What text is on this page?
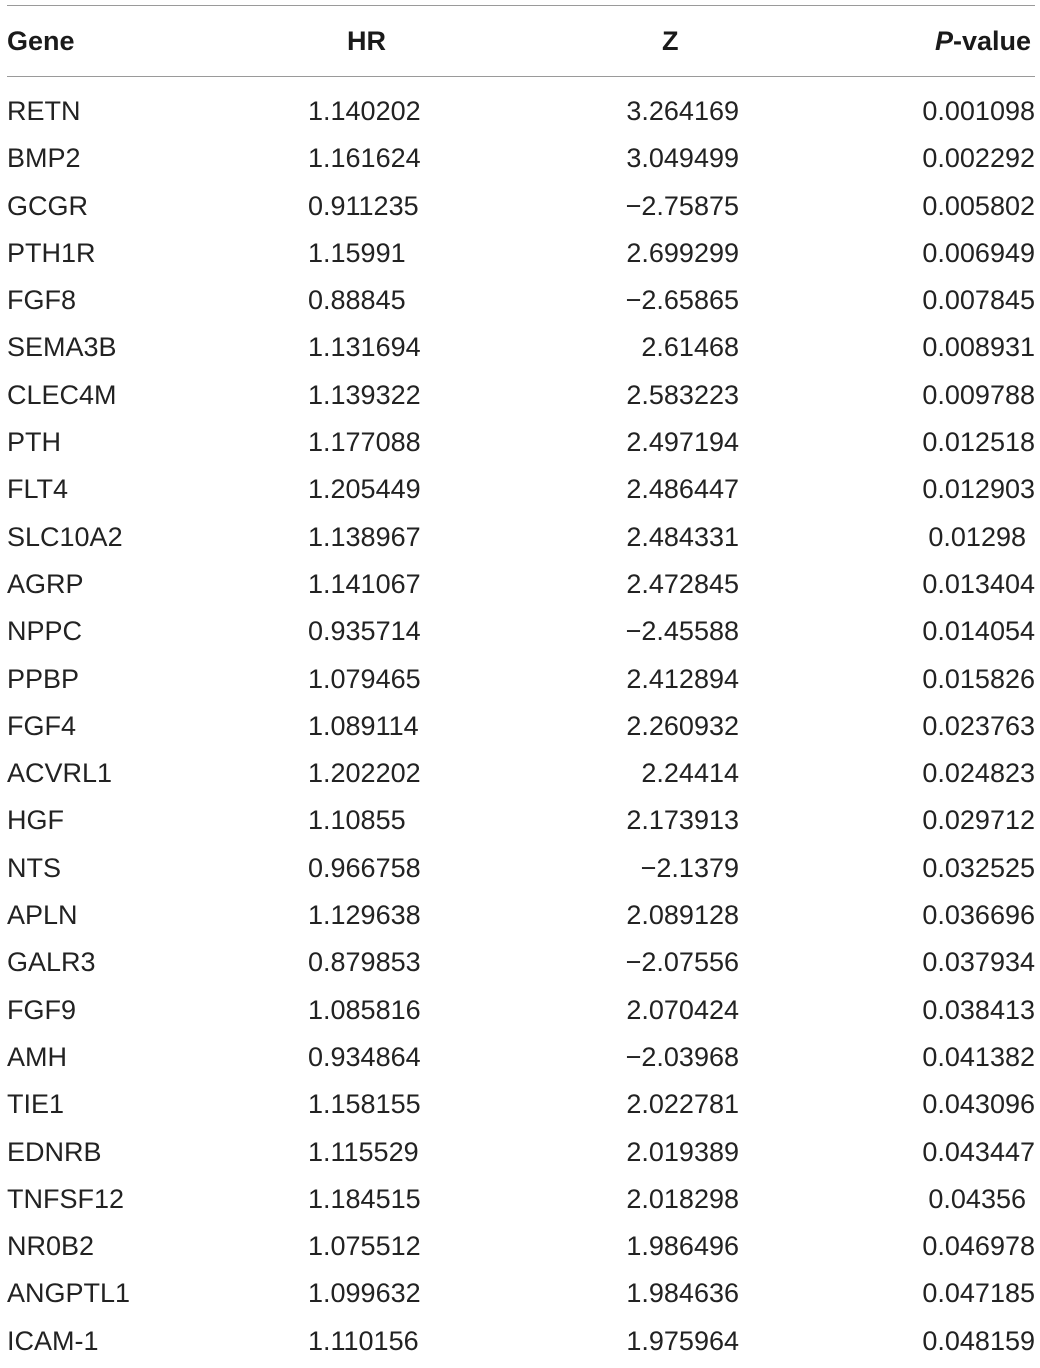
Gene	HR	Z	P-value
RETN	1.140202	3.264169	0.001098
BMP2	1.161624	3.049499	0.002292
GCGR	0.911235	−2.75875	0.005802
PTH1R	1.15991	2.699299	0.006949
FGF8	0.88845	−2.65865	0.007845
SEMA3B	1.131694	2.61468	0.008931
CLEC4M	1.139322	2.583223	0.009788
PTH	1.177088	2.497194	0.012518
FLT4	1.205449	2.486447	0.012903
SLC10A2	1.138967	2.484331	0.01298
AGRP	1.141067	2.472845	0.013404
NPPC	0.935714	−2.45588	0.014054
PPBP	1.079465	2.412894	0.015826
FGF4	1.089114	2.260932	0.023763
ACVRL1	1.202202	2.24414	0.024823
HGF	1.10855	2.173913	0.029712
NTS	0.966758	−2.1379	0.032525
APLN	1.129638	2.089128	0.036696
GALR3	0.879853	−2.07556	0.037934
FGF9	1.085816	2.070424	0.038413
AMH	0.934864	−2.03968	0.041382
TIE1	1.158155	2.022781	0.043096
EDNRB	1.115529	2.019389	0.043447
TNFSF12	1.184515	2.018298	0.04356
NR0B2	1.075512	1.986496	0.046978
ANGPTL1	1.099632	1.984636	0.047185
ICAM-1	1.110156	1.975964	0.048159
